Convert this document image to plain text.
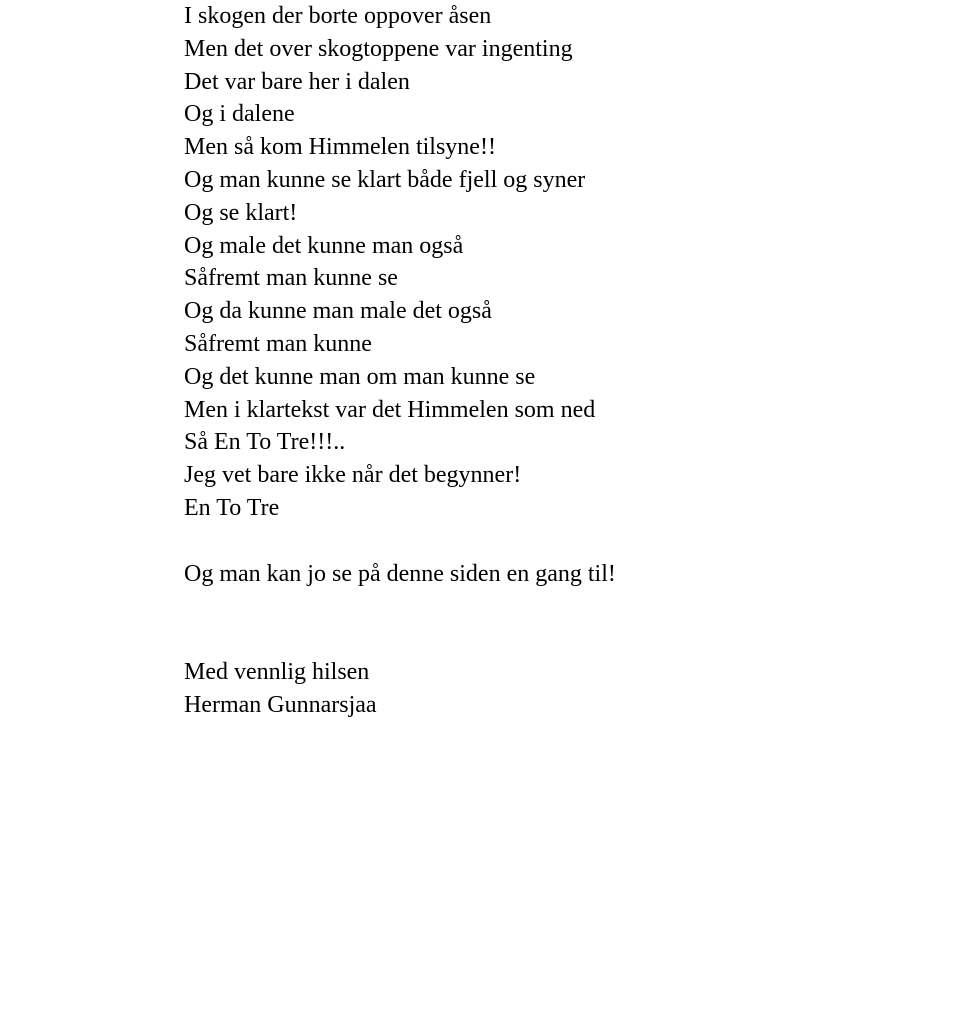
I skogen der borte oppover åsen
Men det over skogtoppene var ingenting
Det var bare her i dalen
Og i dalene
Men så kom Himmelen tilsyne!!
Og man kunne se klart både fjell og syner
Og se klart!
Og male det kunne man også
Såfremt man kunne se
Og da kunne man male det også
Såfremt man kunne
Og det kunne man om man kunne se
Men i klartekst var det Himmelen som ned
Så En To Tre!!!..
Jeg vet bare ikke når det begynner!
En To Tre
Og man kan jo se på denne siden en gang til!
Med vennlig hilsen
Herman Gunnarsjaa
